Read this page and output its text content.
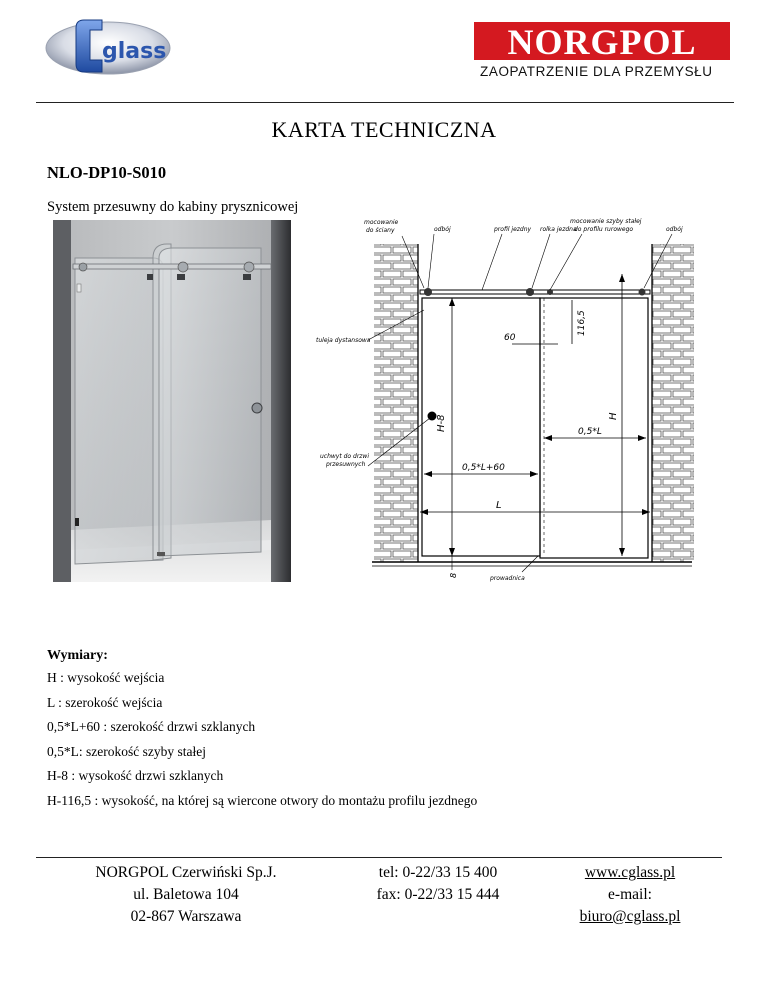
glass	NORGPOL
ZAOPATRZENIE DLA PRZEMYSŁU
KARTA TECHNICZNA
NLO-DP10-S010
System przesuwny do kabiny prysznicowej
mocowanie
do ściany	odbój	profil jezdny rolka jezdna
mocowanie szyby stałej
do profilu rurowego	odbój
tuleja dystansowa
uchwyt do drzwi
przesuwnych
prowadnica
116,5
60
H-8	H
0,5*L
0,5*L+60
L
8
Wymiary:
H : wysokość wejścia
L : szerokość wejścia
0,5*L+60 : szerokość drzwi szklanych
0,5*L: szerokość szyby stałej
H-8 : wysokość drzwi szklanych
H-116,5 : wysokość, na której są wiercone otwory do montażu profilu jezdnego
NORGPOL Czerwiński Sp.J.
ul. Baletowa 104
02-867 Warszawa
tel: 0-22/33 15 400
fax: 0-22/33 15 444
www.cglass.pl
e-mail:
biuro@cglass.pl
